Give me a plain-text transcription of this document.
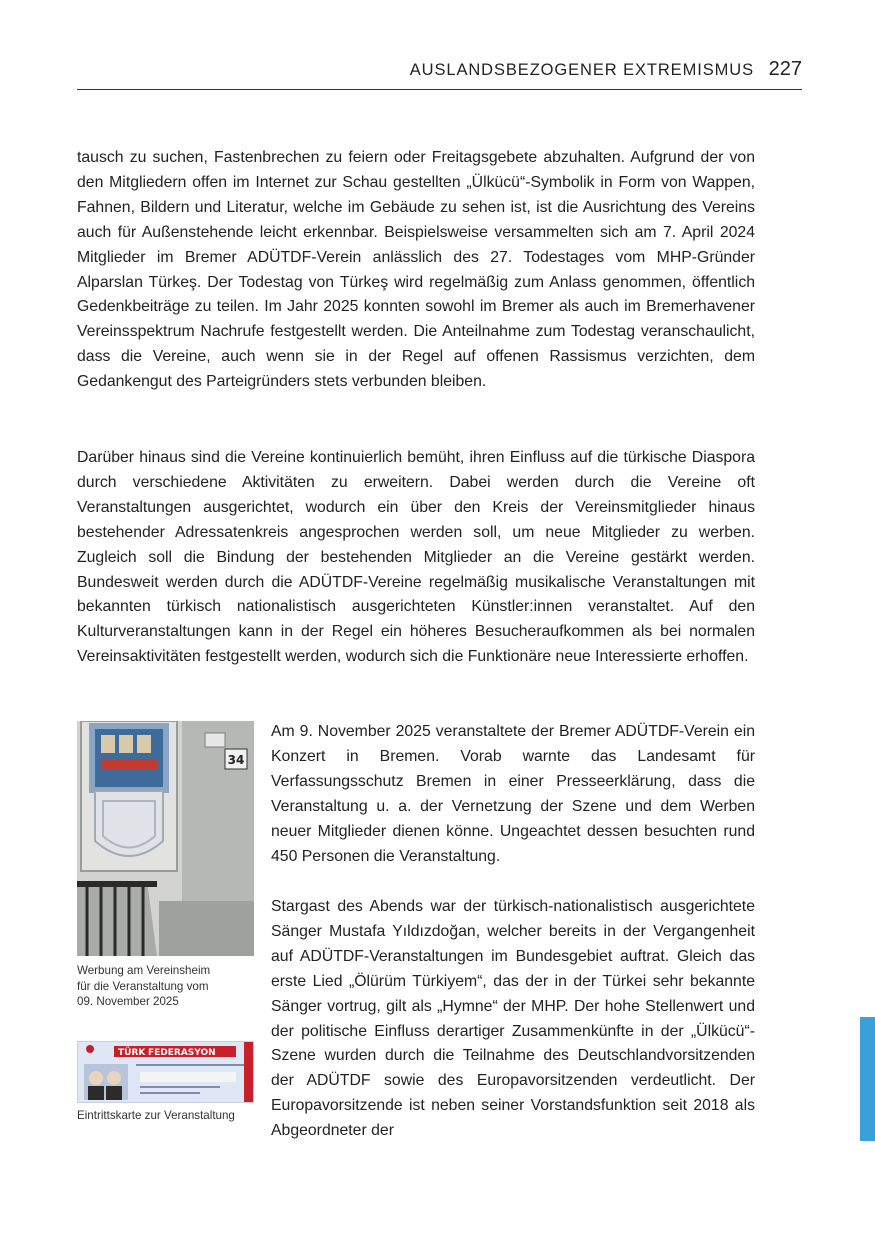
AUSLANDSBEZOGENER EXTREMISMUS 227

tausch zu suchen, Fastenbrechen zu feiern oder Freitagsgebete abzuhalten. Aufgrund der von den Mitgliedern offen im Internet zur Schau gestellten „Ülkücü“-Symbolik in Form von Wappen, Fahnen, Bildern und Literatur, welche im Gebäude zu sehen ist, ist die Ausrichtung des Vereins auch für Außenstehende leicht erkennbar. Beispielsweise versammelten sich am 7. April 2024 Mitglieder im Bremer ADÜTDF-Verein anlässlich des 27. Todestages vom MHP-Gründer Alparslan Türkeş. Der Todestag von Türkeş wird regelmäßig zum Anlass genommen, öffentlich Gedenkbeiträge zu teilen. Im Jahr 2025 konnten sowohl im Bremer als auch im Bremerhavener Vereinsspektrum Nachrufe festgestellt werden. Die Anteilnahme zum Todestag veranschaulicht, dass die Vereine, auch wenn sie in der Regel auf offenen Rassismus verzichten, dem Gedankengut des Parteigründers stets verbunden bleiben.

Darüber hinaus sind die Vereine kontinuierlich bemüht, ihren Einfluss auf die türkische Diaspora durch verschiedene Aktivitäten zu erweitern. Dabei werden durch die Vereine oft Veranstaltungen ausgerichtet, wodurch ein über den Kreis der Vereinsmitglieder hinaus bestehender Adressatenkreis angesprochen werden soll, um neue Mitglieder zu werben. Zugleich soll die Bindung der bestehenden Mitglieder an die Vereine gestärkt werden. Bundesweit werden durch die ADÜTDF-Vereine regelmäßig musikalische Veranstaltungen mit bekannten türkisch nationalistisch ausgerichteten Künstler:innen veranstaltet. Auf den Kulturveranstaltungen kann in der Regel ein höheres Besucheraufkommen als bei normalen Vereinsaktivitäten festgestellt werden, wodurch sich die Funktionäre neue Interessierte erhoffen.

34

Werbung am Vereinsheim
für die Veranstaltung vom
09. November 2025

TÜRK FEDERASYON

Eintrittskarte zur Veranstaltung

Am 9. November 2025 veranstaltete der Bremer ADÜTDF-Verein ein Konzert in Bremen. Vorab warnte das Landesamt für Verfassungsschutz Bremen in einer Presseerklärung, dass die Veranstaltung u. a. der Vernetzung der Szene und dem Werben neuer Mitglieder dienen könne. Ungeachtet dessen besuchten rund 450 Personen die Veranstaltung.

Stargast des Abends war der türkisch-nationalistisch ausgerichtete Sänger Mustafa Yıldızdoğan, welcher bereits in der Vergangenheit auf ADÜTDF-Veranstaltungen im Bundesgebiet auftrat. Gleich das erste Lied „Ölürüm Türkiyem“, das der in der Türkei sehr bekannte Sänger vortrug, gilt als „Hymne“ der MHP. Der hohe Stellenwert und der politische Einfluss derartiger Zusammenkünfte in der „Ülkücü“-Szene wurden durch die Teilnahme des Deutschlandvorsitzenden der ADÜTDF sowie des Europavorsitzenden verdeutlicht. Der Europavorsitzende ist neben seiner Vorstandsfunktion seit 2018 als Abgeordneter der
